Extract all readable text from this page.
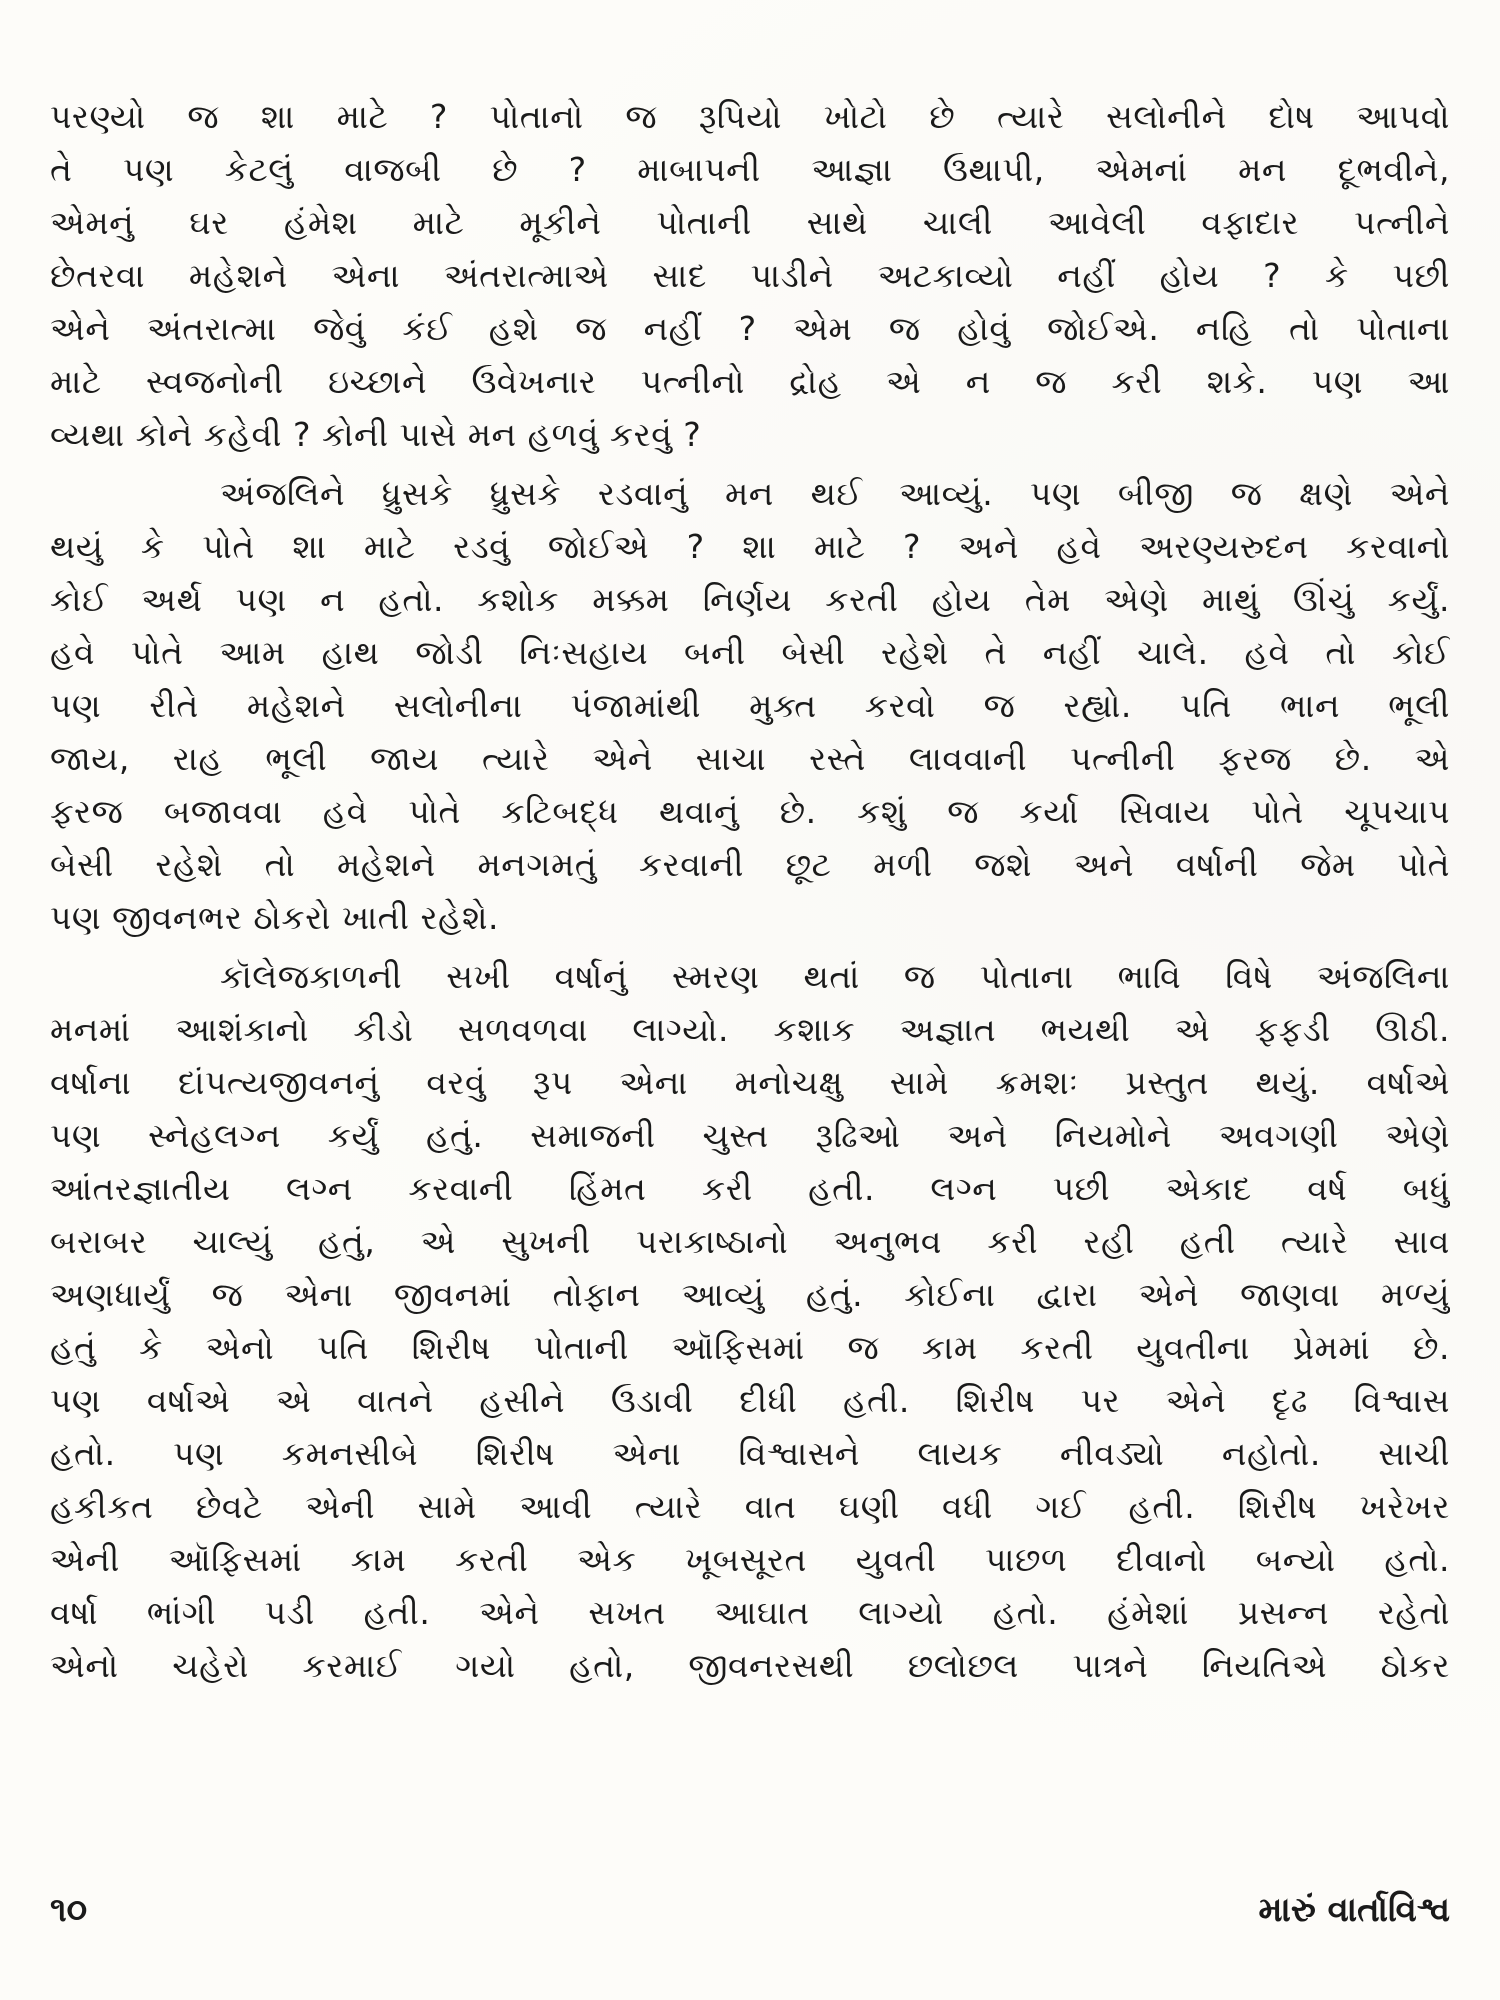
પરણ્યો જ શા માટે ? પોતાનો જ રૂપિયો ખોટો છે ત્યારે સલોનીને દોષ આપવો
તે પણ કેટલું વાજબી છે ? માબાપની આજ્ઞા ઉથાપી, એમનાં મન દૂભવીને,
એમનું ઘર હંમેશ માટે મૂકીને પોતાની સાથે ચાલી આવેલી વફાદાર પત્નીને
છેતરવા મહેશને એના અંતરાત્માએ સાદ પાડીને અટકાવ્યો નહીં હોય ? કે પછી
એને અંતરાત્મા જેવું કંઈ હશે જ નહીં ? એમ જ હોવું જોઈએ. નહિ તો પોતાના
માટે સ્વજનોની ઇચ્છાને ઉવેખનાર પત્નીનો દ્રોહ એ ન જ કરી શકે. પણ આ
વ્યથા કોને કહેવી ? કોની પાસે મન હળવું કરવું ?
અંજલિને ધ્રુસકે ધ્રુસકે રડવાનું મન થઈ આવ્યું. પણ બીજી જ ક્ષણે એને
થયું કે પોતે શા માટે રડવું જોઈએ ? શા માટે ? અને હવે અરણ્યરુદન કરવાનો
કોઈ અર્થ પણ ન હતો. કશોક મક્કમ નિર્ણય કરતી હોય તેમ એણે માથું ઊંચું કર્યું.
હવે પોતે આમ હાથ જોડી નિઃસહાય બની બેસી રહેશે તે નહીં ચાલે. હવે તો કોઈ
પણ રીતે મહેશને સલોનીના પંજામાંથી મુક્ત કરવો જ રહ્યો. પતિ ભાન ભૂલી
જાય, રાહ ભૂલી જાય ત્યારે એને સાચા રસ્તે લાવવાની પત્નીની ફરજ છે. એ
ફરજ બજાવવા હવે પોતે કટિબદ્ધ થવાનું છે. કશું જ કર્યા સિવાય પોતે ચૂપચાપ
બેસી રહેશે તો મહેશને મનગમતું કરવાની છૂટ મળી જશે અને વર્ષાની જેમ પોતે
પણ જીવનભર ઠોકરો ખાતી રહેશે.
કૉલેજકાળની સખી વર્ષાનું સ્મરણ થતાં જ પોતાના ભાવિ વિષે અંજલિના
મનમાં આશંકાનો કીડો સળવળવા લાગ્યો. કશાક અજ્ઞાત ભયથી એ ફફડી ઊઠી.
વર્ષાના દાંપત્યજીવનનું વરવું રૂપ એના મનોચક્ષુ સામે ક્રમશઃ પ્રસ્તુત થયું. વર્ષાએ
પણ સ્નેહલગ્ન કર્યું હતું. સમાજની ચુસ્ત રૂઢિઓ અને નિયમોને અવગણી એણે
આંતરજ્ઞાતીય લગ્ન કરવાની હિંમત કરી હતી. લગ્ન પછી એકાદ વર્ષ બધું
બરાબર ચાલ્યું હતું, એ સુખની પરાકાષ્ઠાનો અનુભવ કરી રહી હતી ત્યારે સાવ
અણધાર્યું જ એના જીવનમાં તોફાન આવ્યું હતું. કોઈના દ્વારા એને જાણવા મળ્યું
હતું કે એનો પતિ શિરીષ પોતાની ઑફિસમાં જ કામ કરતી યુવતીના પ્રેમમાં છે.
પણ વર્ષાએ એ વાતને હસીને ઉડાવી દીધી હતી. શિરીષ પર એને દૃઢ વિશ્વાસ
હતો. પણ કમનસીબે શિરીષ એના વિશ્વાસને લાયક નીવડ્યો નહોતો. સાચી
હકીકત છેવટે એની સામે આવી ત્યારે વાત ઘણી વધી ગઈ હતી. શિરીષ ખરેખર
એની ઑફિસમાં કામ કરતી એક ખૂબસૂરત યુવતી પાછળ દીવાનો બન્યો હતો.
વર્ષા ભાંગી પડી હતી. એને સખત આઘાત લાગ્યો હતો. હંમેશાં પ્રસન્ન રહેતો
એનો ચહેરો કરમાઈ ગયો હતો, જીવનરસથી છલોછલ પાત્રને નિયતિએ ઠોકર
૧૦	મારું વાર્તાવિશ્વ
